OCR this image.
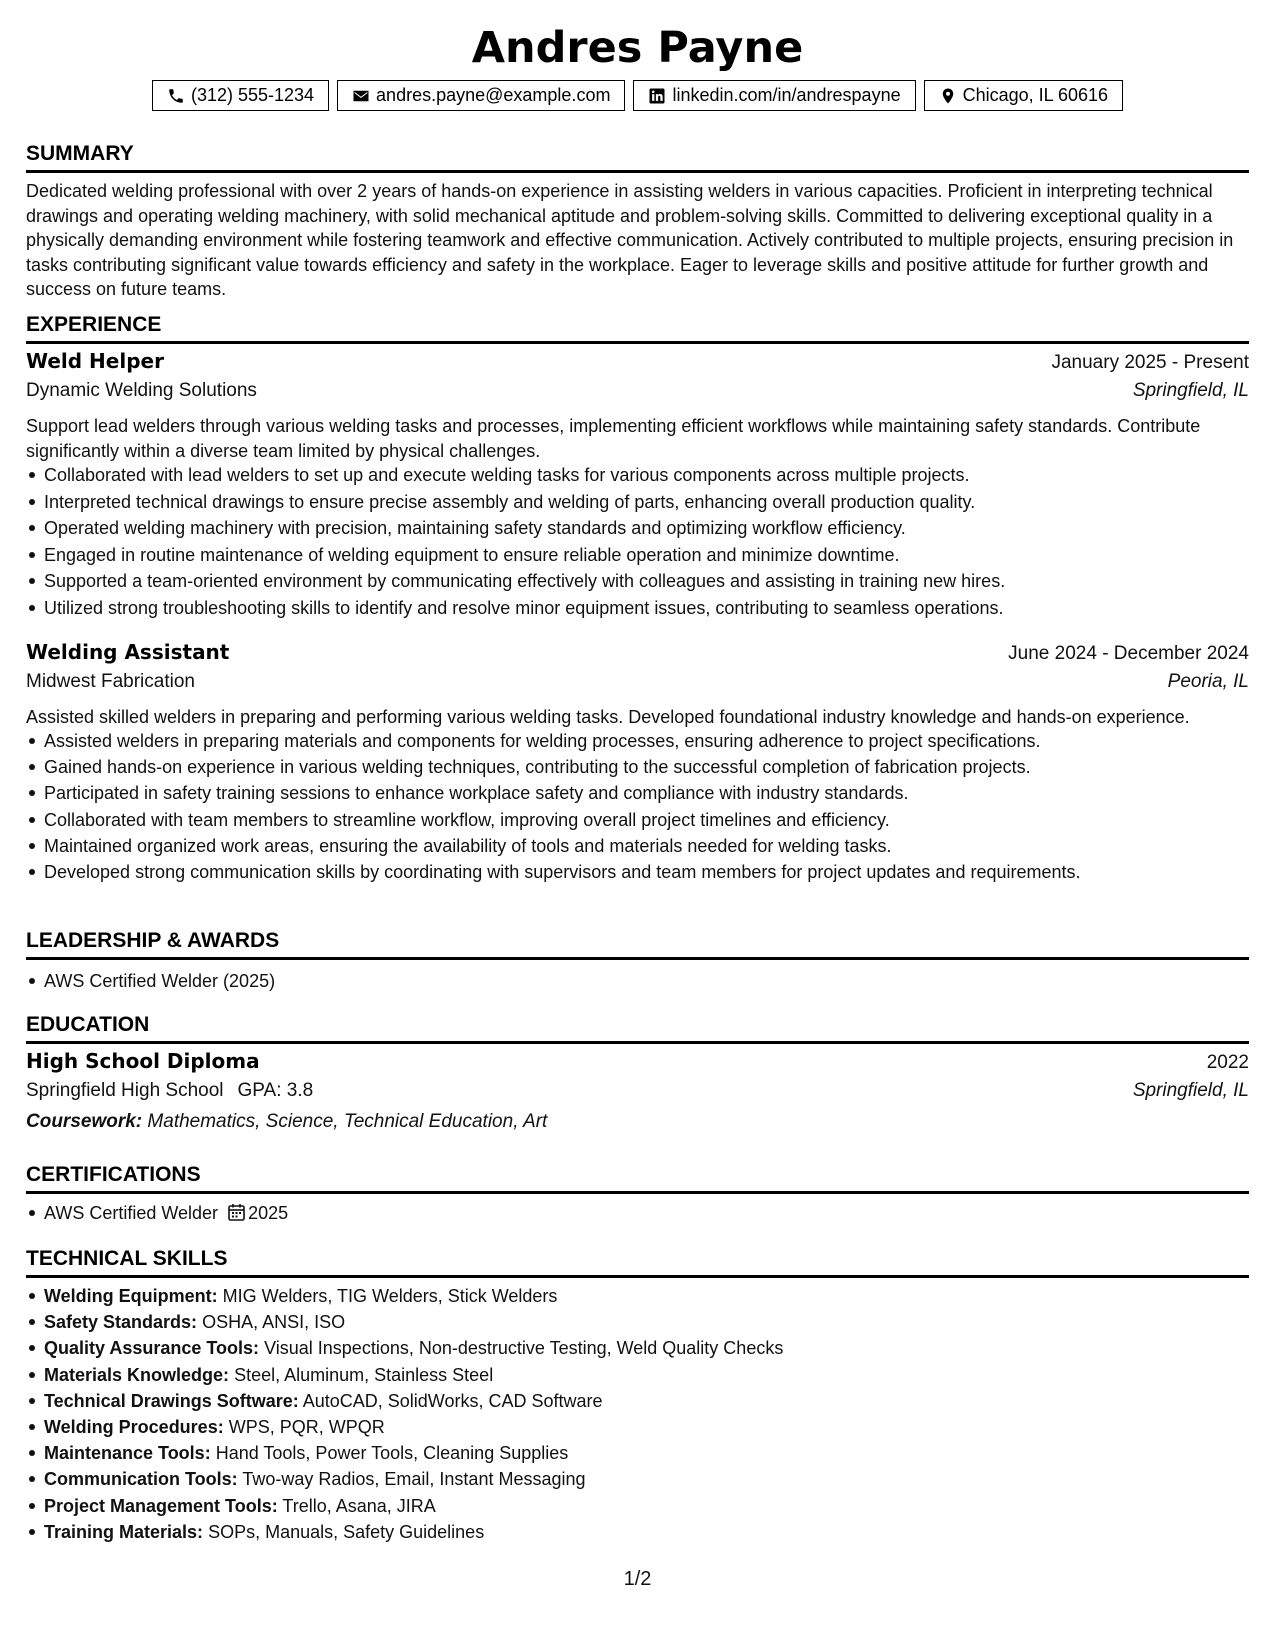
Andres Payne
(312) 555-1234	andres.payne@example.com	linkedin.com/in/andrespayne	Chicago, IL 60616
SUMMARY
Dedicated welding professional with over 2 years of hands-on experience in assisting welders in various capacities. Proficient in interpreting technical drawings and operating welding machinery, with solid mechanical aptitude and problem-solving skills. Committed to delivering exceptional quality in a physically demanding environment while fostering teamwork and effective communication. Actively contributed to multiple projects, ensuring precision in tasks contributing significant value towards efficiency and safety in the workplace. Eager to leverage skills and positive attitude for further growth and success on future teams.
EXPERIENCE
Weld Helper	January 2025 - Present
Dynamic Welding Solutions	Springfield, IL
Support lead welders through various welding tasks and processes, implementing efficient workflows while maintaining safety standards. Contribute significantly within a diverse team limited by physical challenges.
Collaborated with lead welders to set up and execute welding tasks for various components across multiple projects.
Interpreted technical drawings to ensure precise assembly and welding of parts, enhancing overall production quality.
Operated welding machinery with precision, maintaining safety standards and optimizing workflow efficiency.
Engaged in routine maintenance of welding equipment to ensure reliable operation and minimize downtime.
Supported a team-oriented environment by communicating effectively with colleagues and assisting in training new hires.
Utilized strong troubleshooting skills to identify and resolve minor equipment issues, contributing to seamless operations.
Welding Assistant	June 2024 - December 2024
Midwest Fabrication	Peoria, IL
Assisted skilled welders in preparing and performing various welding tasks. Developed foundational industry knowledge and hands-on experience.
Assisted welders in preparing materials and components for welding processes, ensuring adherence to project specifications.
Gained hands-on experience in various welding techniques, contributing to the successful completion of fabrication projects.
Participated in safety training sessions to enhance workplace safety and compliance with industry standards.
Collaborated with team members to streamline workflow, improving overall project timelines and efficiency.
Maintained organized work areas, ensuring the availability of tools and materials needed for welding tasks.
Developed strong communication skills by coordinating with supervisors and team members for project updates and requirements.
LEADERSHIP & AWARDS
AWS Certified Welder (2025)
EDUCATION
High School Diploma	2022
Springfield High School GPA: 3.8	Springfield, IL
Coursework: Mathematics, Science, Technical Education, Art
CERTIFICATIONS
AWS Certified Welder 2025
TECHNICAL SKILLS
Welding Equipment: MIG Welders, TIG Welders, Stick Welders
Safety Standards: OSHA, ANSI, ISO
Quality Assurance Tools: Visual Inspections, Non-destructive Testing, Weld Quality Checks
Materials Knowledge: Steel, Aluminum, Stainless Steel
Technical Drawings Software: AutoCAD, SolidWorks, CAD Software
Welding Procedures: WPS, PQR, WPQR
Maintenance Tools: Hand Tools, Power Tools, Cleaning Supplies
Communication Tools: Two-way Radios, Email, Instant Messaging
Project Management Tools: Trello, Asana, JIRA
Training Materials: SOPs, Manuals, Safety Guidelines
1/2
